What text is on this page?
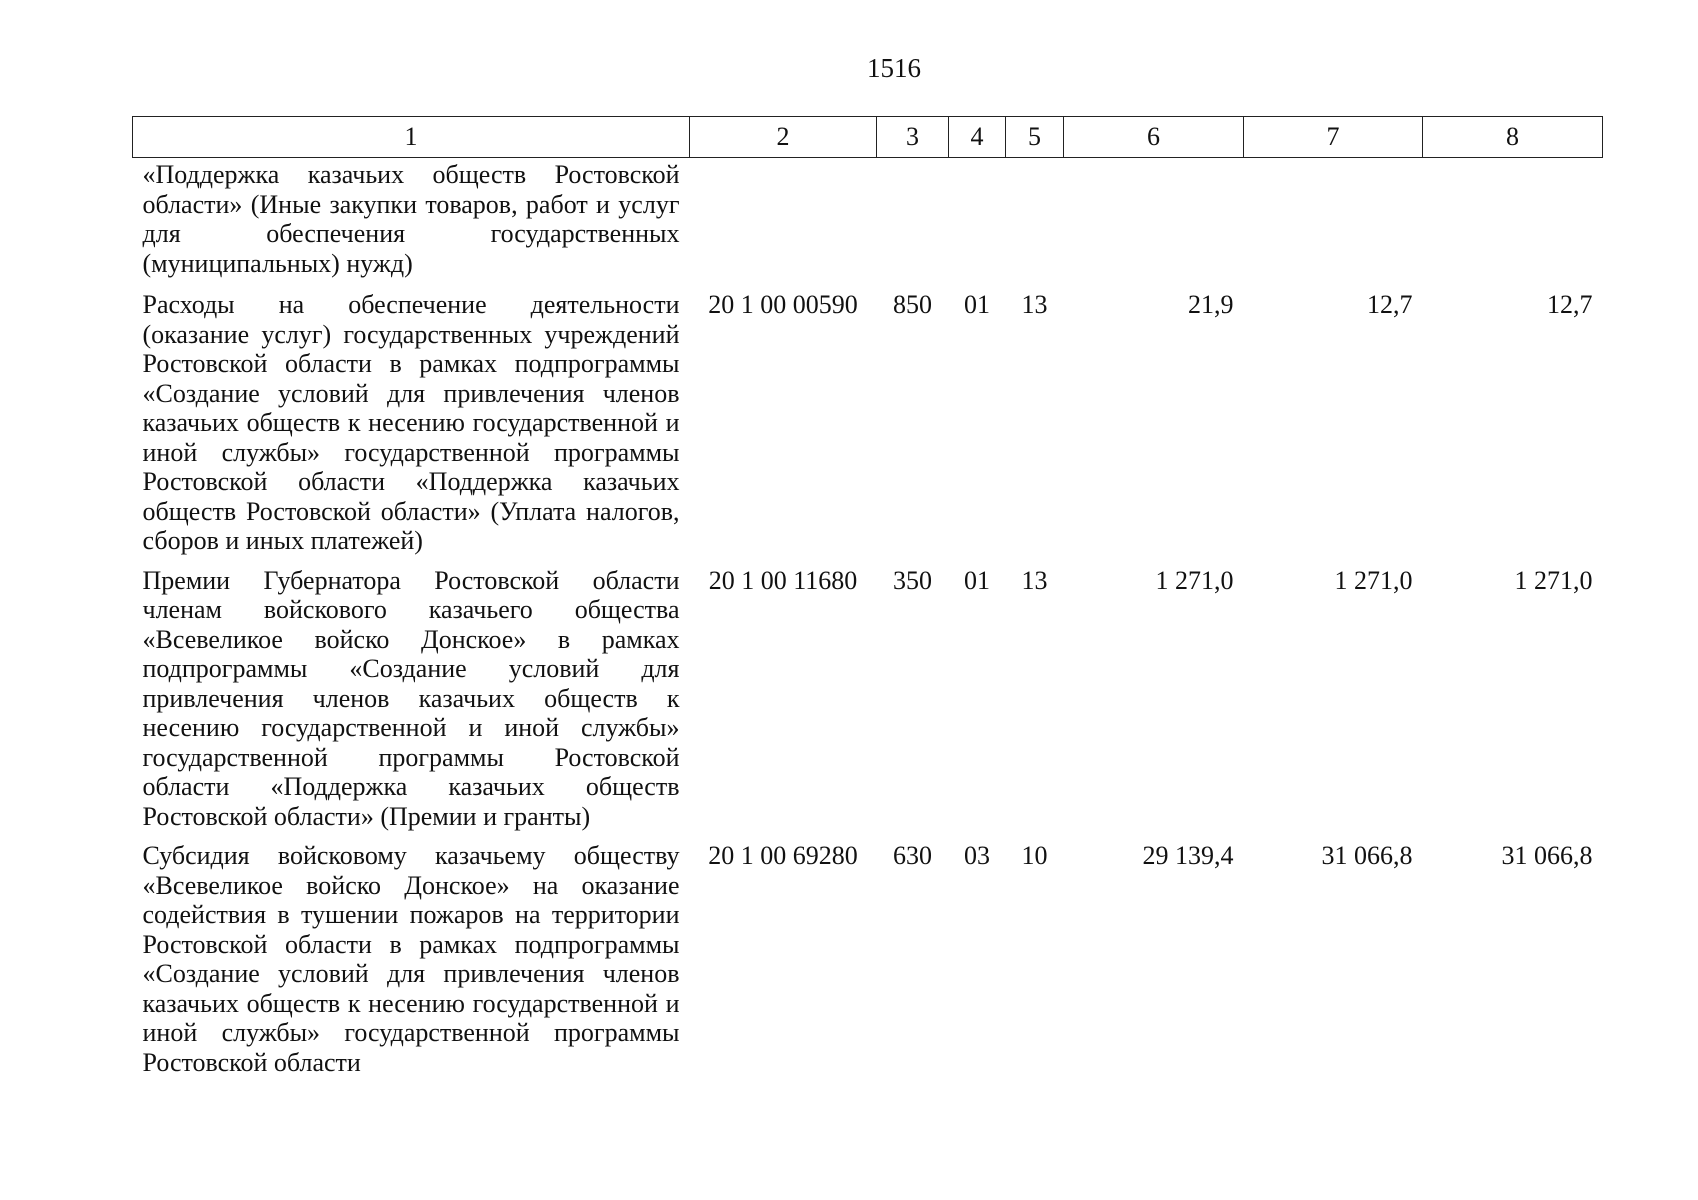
1516
1	2	3	4	5	6	7	8
«Поддержка казачьих обществ Ростовской области» (Иные закупки товаров, работ и услуг для обеспечения государственных (муниципальных) нужд)							
Расходы на обеспечение деятельности (оказание услуг) государственных учреждений Ростовской области в рамках подпрограммы «Создание условий для привлечения членов казачьих обществ к несению государственной и иной службы» государственной программы Ростовской области «Поддержка казачьих обществ Ростовской области» (Уплата налогов, сборов и иных платежей)	20 1 00 00590	850	01	13	21,9	12,7	12,7
Премии Губернатора Ростовской области членам войскового казачьего общества «Всевеликое войско Донское» в рамках подпрограммы «Создание условий для привлечения членов казачьих обществ к несению государственной и иной службы» государственной программы Ростовской области «Поддержка казачьих обществ Ростовской области» (Премии и гранты)	20 1 00 11680	350	01	13	1 271,0	1 271,0	1 271,0
Субсидия войсковому казачьему обществу «Всевеликое войско Донское» на оказание содействия в тушении пожаров на территории Ростовской области в рамках подпрограммы «Создание условий для привлечения членов казачьих обществ к несению государственной и иной службы» государственной программы Ростовской области	20 1 00 69280	630	03	10	29 139,4	31 066,8	31 066,8
